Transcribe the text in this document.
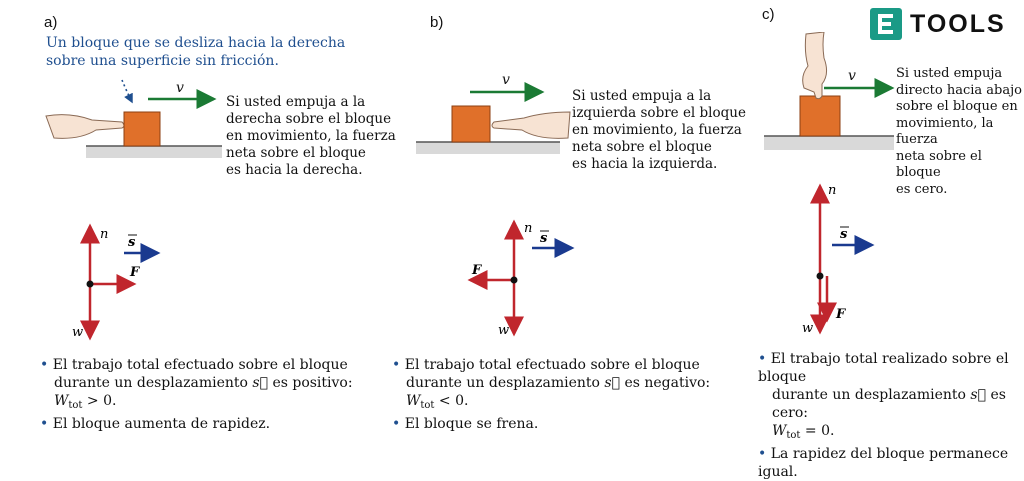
TOOLS
a)
Un bloque que se desliza hacia la derecha
sobre una superficie sin fricción.
v
Si usted empuja a la
derecha sobre el bloque
en movimiento, la fuerza
neta sobre el bloque
es hacia la derecha.
n
w
F
s
• El trabajo total efectuado sobre el bloque
durante un desplazamiento s⃗ es positivo:
$W_{tot} > 0$.
• El bloque aumenta de rapidez.
b)
v
Si usted empuja a la
izquierda sobre el bloque
en movimiento, la fuerza
neta sobre el bloque
es hacia la izquierda.
n
w
F
s
• El trabajo total efectuado sobre el bloque
durante un desplazamiento s⃗ es negativo:
$W_{tot} < 0$.
• El bloque se frena.
c)
v	Si usted empuja
directo hacia abajo
sobre el bloque en
movimiento, la fuerza
neta sobre el bloque
es cero.
n
w
F
s
• El trabajo total realizado sobre el bloque
durante un desplazamiento s⃗ es cero:
$W_{tot} = 0$.
• La rapidez del bloque permanece igual.
